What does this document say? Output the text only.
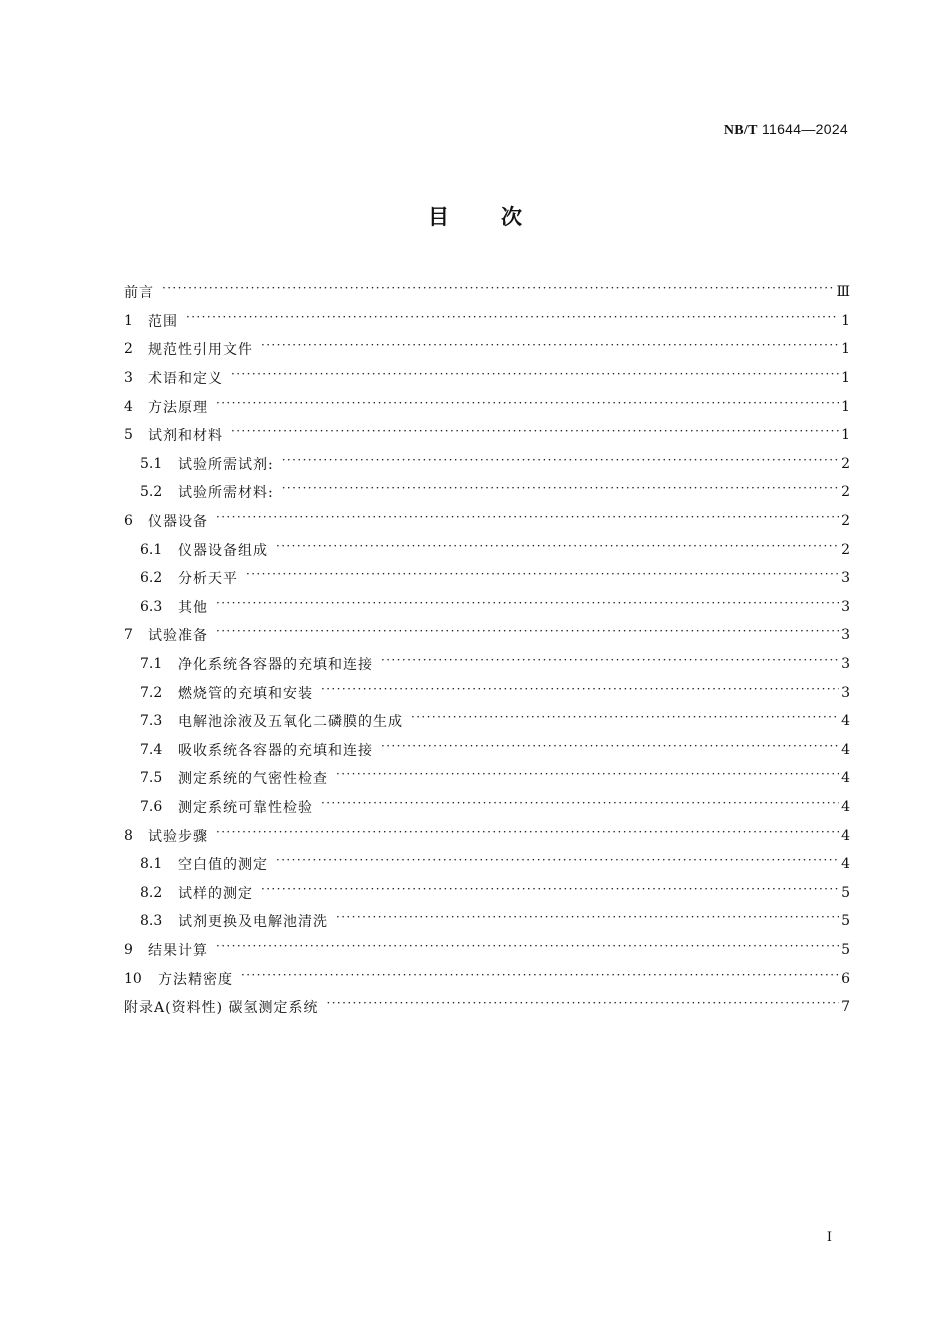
NB/T 11644—2024
目 次
前言 ·····	Ⅲ
1	范围 ·····	1
2	规范性引用文件 ·····	1
3	术语和定义 ·····	1
4	方法原理 ·····	1
5	试剂和材料 ·····	1
5.1	试验所需试剂: ·····	2
5.2	试验所需材料: ·····	2
6	仪器设备 ·····	2
6.1	仪器设备组成 ·····	2
6.2	分析天平 ·····	3
6.3	其他 ·····	3
7	试验准备 ·····	3
7.1	净化系统各容器的充填和连接 ·····	3
7.2	燃烧管的充填和安装 ·····	3
7.3	电解池涂液及五氧化二磷膜的生成 ·····	4
7.4	吸收系统各容器的充填和连接 ·····	4
7.5	测定系统的气密性检查 ·····	4
7.6	测定系统可靠性检验 ·····	4
8	试验步骤 ·····	4
8.1	空白值的测定 ·····	4
8.2	试样的测定 ·····	5
8.3	试剂更换及电解池清洗 ·····	5
9	结果计算 ·····	5
10	方法精密度 ·····	6
附录A(资料性) 碳氢测定系统 ·····	7
I
